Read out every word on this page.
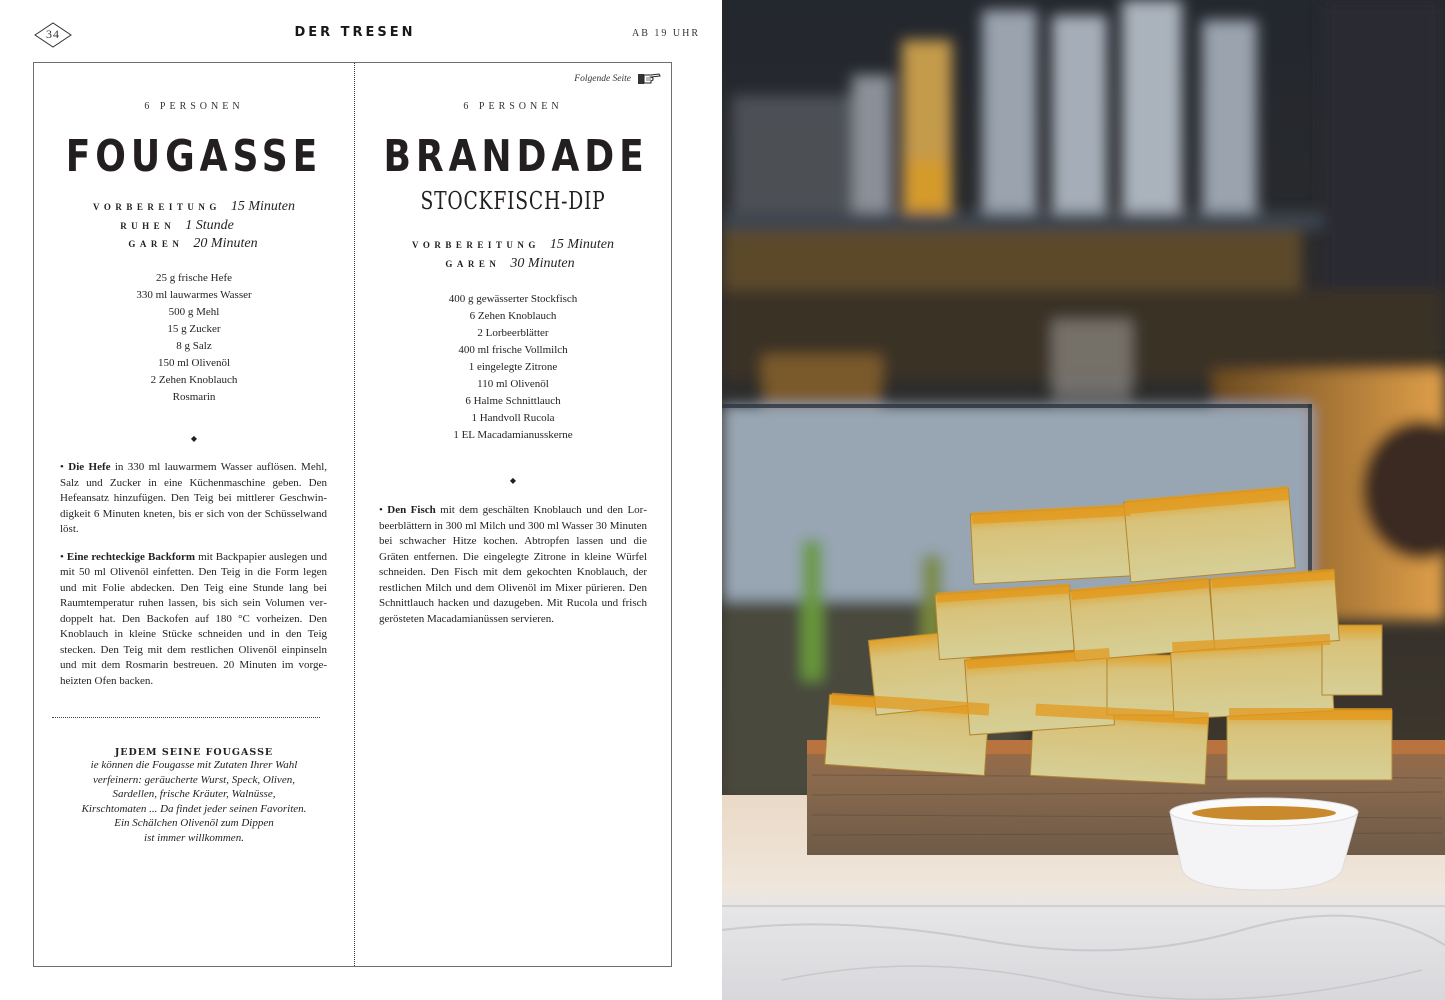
34	DER TRESEN	AB 19 UHR
Folgende Seite
6 PERSONEN
FOUGASSE
VORBEREITUNG 15 Minuten
RUHEN 1 Stunde
GAREN 20 Minuten
25 g frische Hefe
330 ml lauwarmes Wasser
500 g Mehl
15 g Zucker
8 g Salz
150 ml Olivenöl
2 Zehen Knoblauch
Rosmarin
◆

• Die Hefe in 330 ml lauwarmem Wasser auflösen. Mehl, Salz und Zucker in eine Küchenmaschine geben. Den Hefeansatz hinzufügen. Den Teig bei mittlerer Geschwindigkeit 6 Minuten kneten, bis er sich von der Schüsselwand löst.

• Eine rechteckige Backform mit Backpapier auslegen und mit 50 ml Olivenöl einfetten. Den Teig in die Form legen und mit Folie abdecken. Den Teig eine Stunde lang bei Raumtemperatur ruhen lassen, bis sich sein Volumen verdoppelt hat. Den Backofen auf 180 °C vorheizen. Den Knoblauch in kleine Stücke schneiden und in den Teig stecken. Den Teig mit dem restlichen Olivenöl einpinseln und mit dem Rosmarin bestreuen. 20 Minuten im vorgeheizten Ofen backen.

JEDEM SEINE FOUGASSE
ie können die Fougasse mit Zutaten Ihrer Wahl
verfeinern: geräucherte Wurst, Speck, Oliven,
Sardellen, frische Kräuter, Walnüsse,
Kirschtomaten ... Da findet jeder seinen Favoriten.
Ein Schälchen Olivenöl zum Dippen
ist immer willkommen.
6 PERSONEN
BRANDADE
STOCKFISCH-DIP
VORBEREITUNG 15 Minuten
GAREN 30 Minuten
400 g gewässerter Stockfisch
6 Zehen Knoblauch
2 Lorbeerblätter
400 ml frische Vollmilch
1 eingelegte Zitrone
110 ml Olivenöl
6 Halme Schnittlauch
1 Handvoll Rucola
1 EL Macadamianusskerne
◆

• Den Fisch mit dem geschälten Knoblauch und den Lorbeerblättern in 300 ml Milch und 300 ml Wasser 30 Minuten bei schwacher Hitze kochen. Abtropfen lassen und die Gräten entfernen. Die eingelegte Zitrone in kleine Würfel schneiden. Den Fisch mit dem gekochten Knoblauch, der restlichen Milch und dem Olivenöl im Mixer pürieren. Den Schnittlauch hacken und dazugeben. Mit Rucola und frisch gerösteten Macadamianüssen servieren.
